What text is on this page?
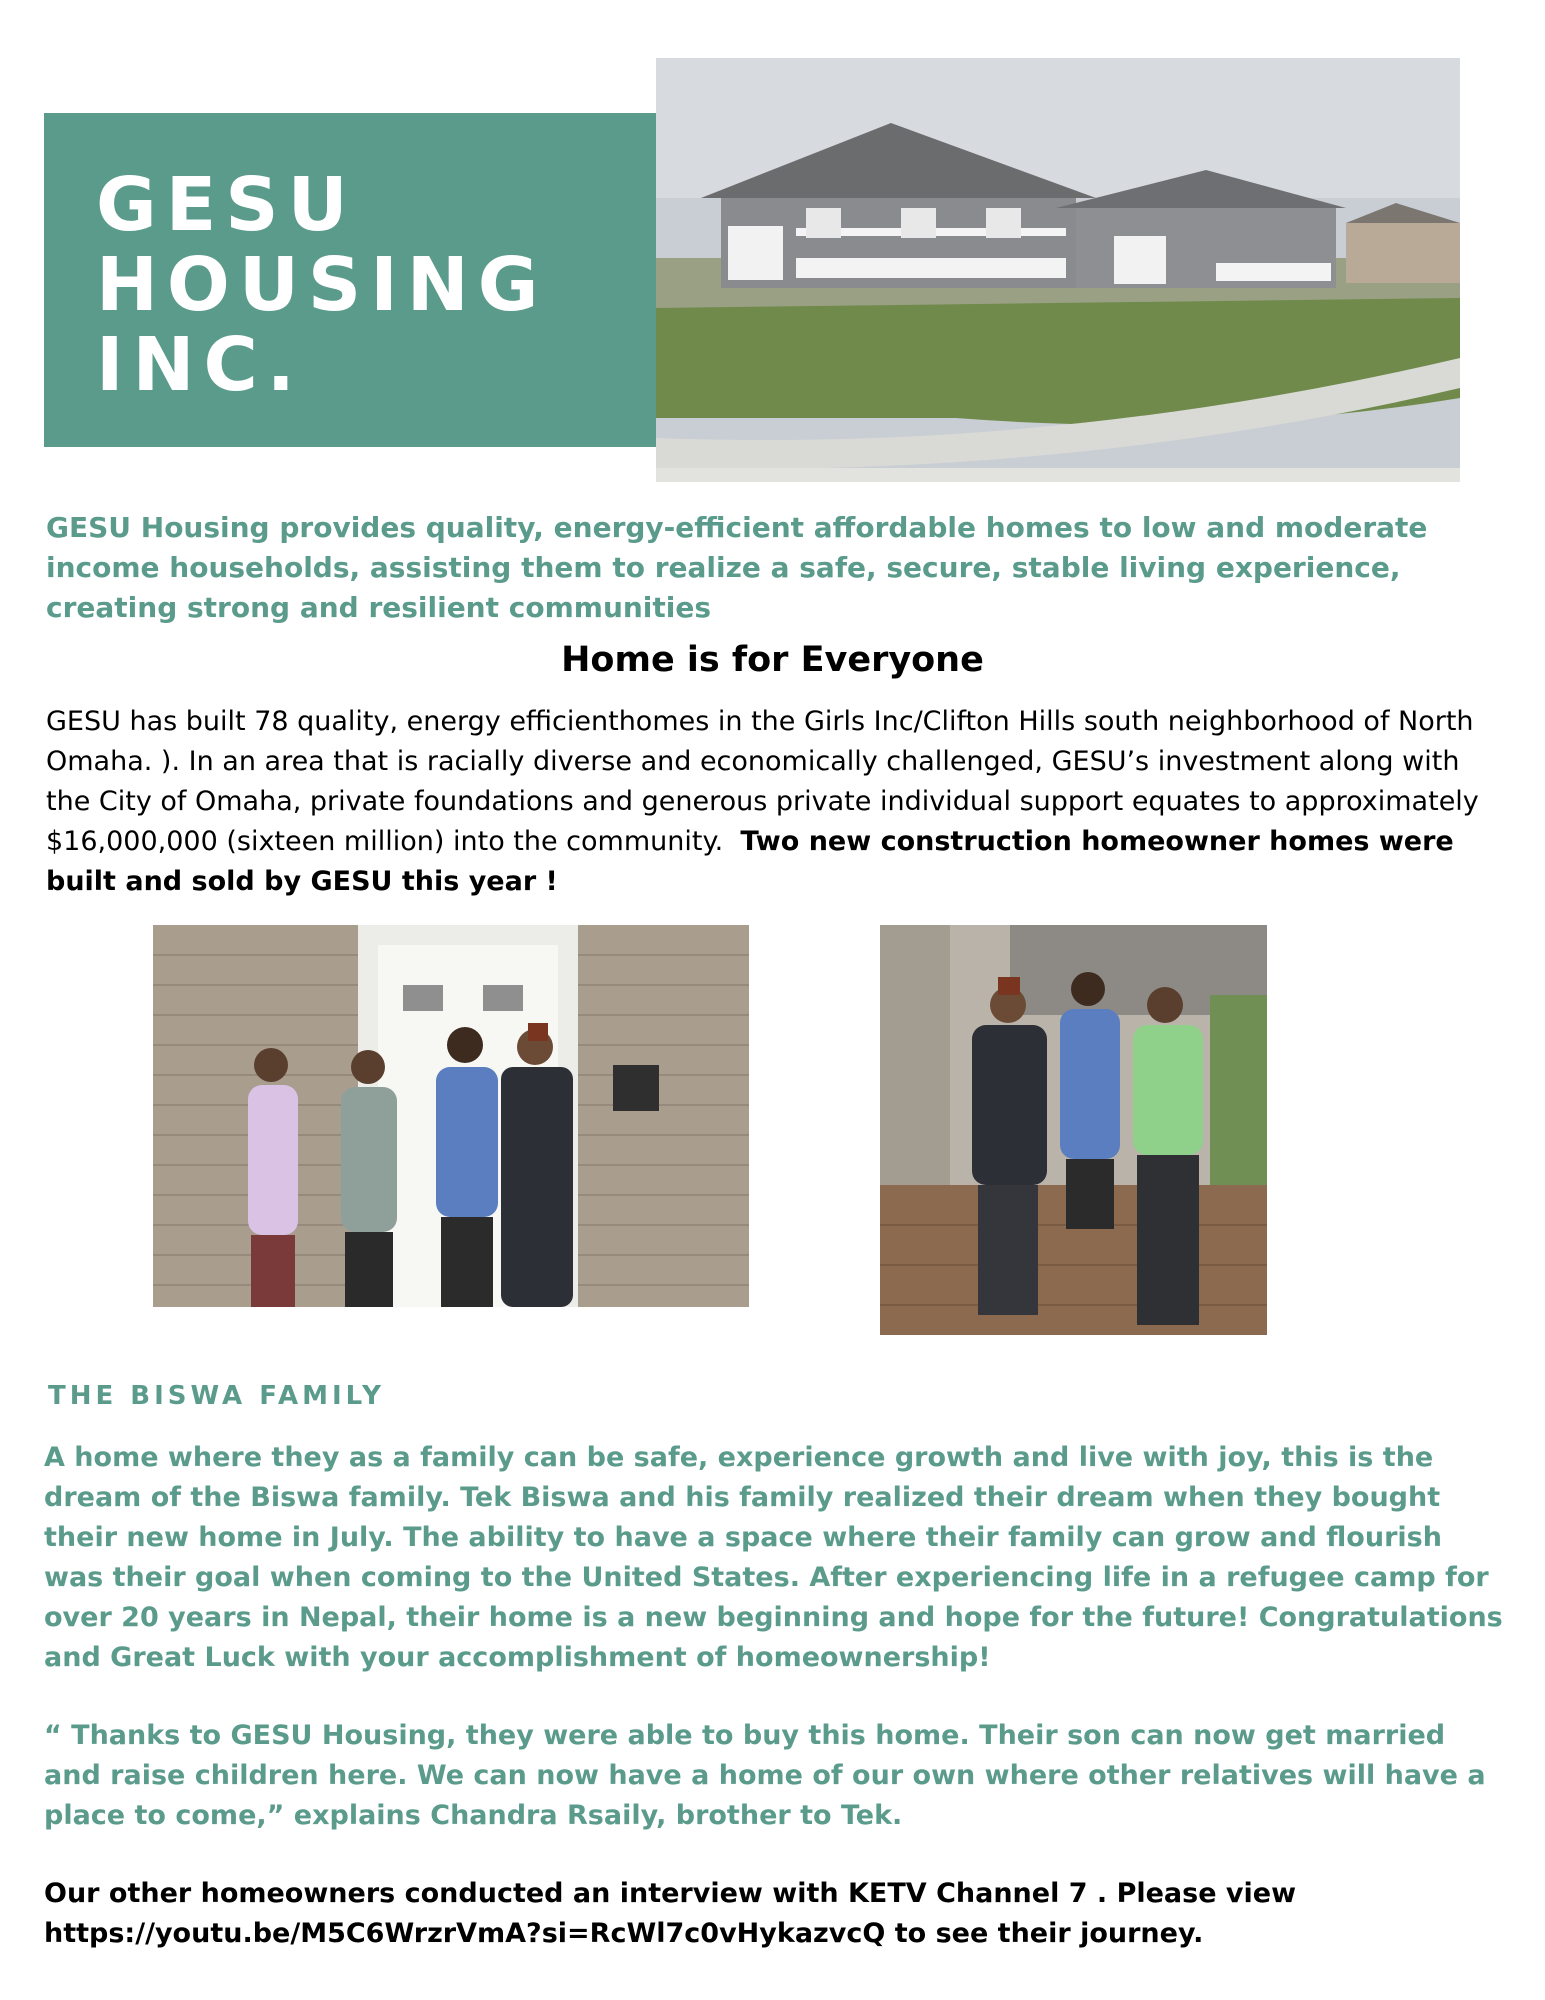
GESU
HOUSING
INC.
GESU Housing provides quality, energy-efficient affordable homes to low and moderate income households, assisting them to realize a safe, secure, stable living experience, creating strong and resilient communities
Home is for Everyone
GESU has built 78 quality, energy efficienthomes in the Girls Inc/Clifton Hills south neighborhood of North Omaha. ). In an area that is racially diverse and economically challenged, GESU’s investment along with the City of Omaha, private foundations and generous private individual support equates to approximately $16,000,000 (sixteen million) into the community. Two new construction homeowner homes were built and sold by GESU this year !
THE BISWA FAMILY
A home where they as a family can be safe, experience growth and live with joy, this is the dream of the Biswa family. Tek Biswa and his family realized their dream when they bought their new home in July. The ability to have a space where their family can grow and flourish was their goal when coming to the United States. After experiencing life in a refugee camp for over 20 years in Nepal, their home is a new beginning and hope for the future! Congratulations and Great Luck with your accomplishment of homeownership!
“ Thanks to GESU Housing, they were able to buy this home. Their son can now get married and raise children here. We can now have a home of our own where other relatives will have a place to come,” explains Chandra Rsaily, brother to Tek.
Our other homeowners conducted an interview with KETV Channel 7 . Please view https://youtu.be/M5C6WrzrVmA?si=RcWl7c0vHykazvcQ to see their journey.
